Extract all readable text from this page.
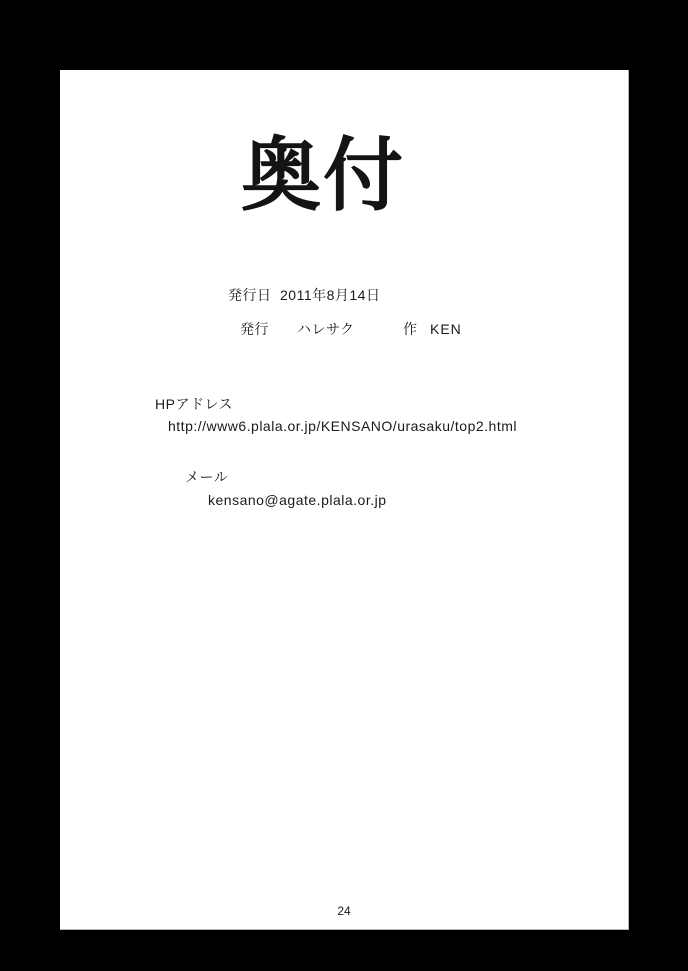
奥付
発行日 2011年8月14日
発行 ハレサク	作 KEN
HPアドレス
http://www6.plala.or.jp/KENSANO/urasaku/top2.html
メール
kensano@agate.plala.or.jp
24
